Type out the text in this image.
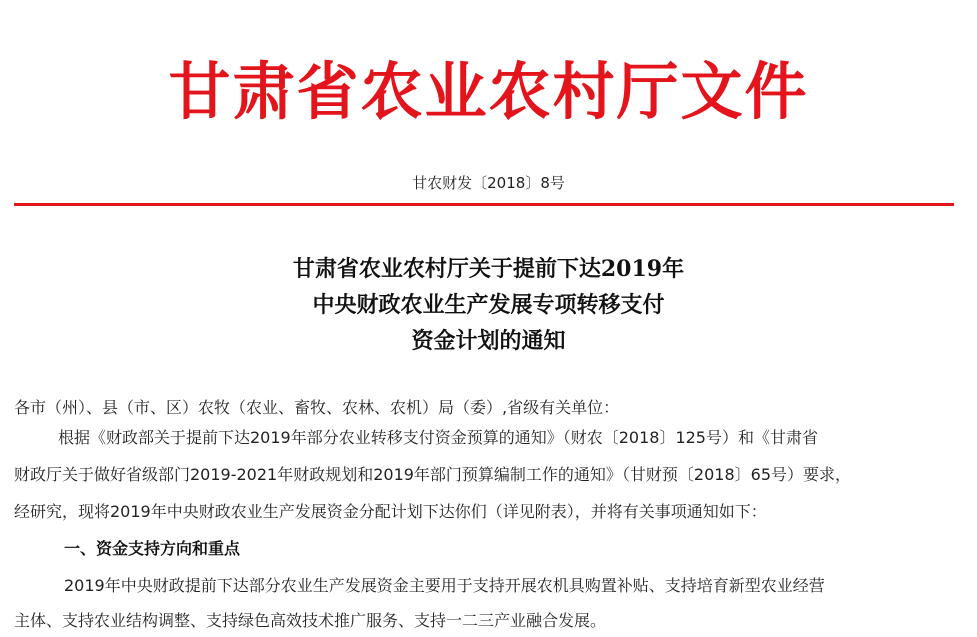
甘肃省农业农村厅文件
甘农财发〔2018〕8号
甘肃省农业农村厅关于提前下达2019年
中央财政农业生产发展专项转移支付
资金计划的通知
各市（州）、县（市、区）农牧（农业、畜牧、农林、农机）局（委）,省级有关单位：
根据《财政部关于提前下达2019年部分农业转移支付资金预算的通知》（财农〔2018〕125号）和《甘肃省
财政厅关于做好省级部门2019-2021年财政规划和2019年部门预算编制工作的通知》（甘财预〔2018〕65号）要求，
经研究，现将2019年中央财政农业生产发展资金分配计划下达你们（详见附表），并将有关事项通知如下：
一、资金支持方向和重点
2019年中央财政提前下达部分农业生产发展资金主要用于支持开展农机具购置补贴、支持培育新型农业经营
主体、支持农业结构调整、支持绿色高效技术推广服务、支持一二三产业融合发展。
